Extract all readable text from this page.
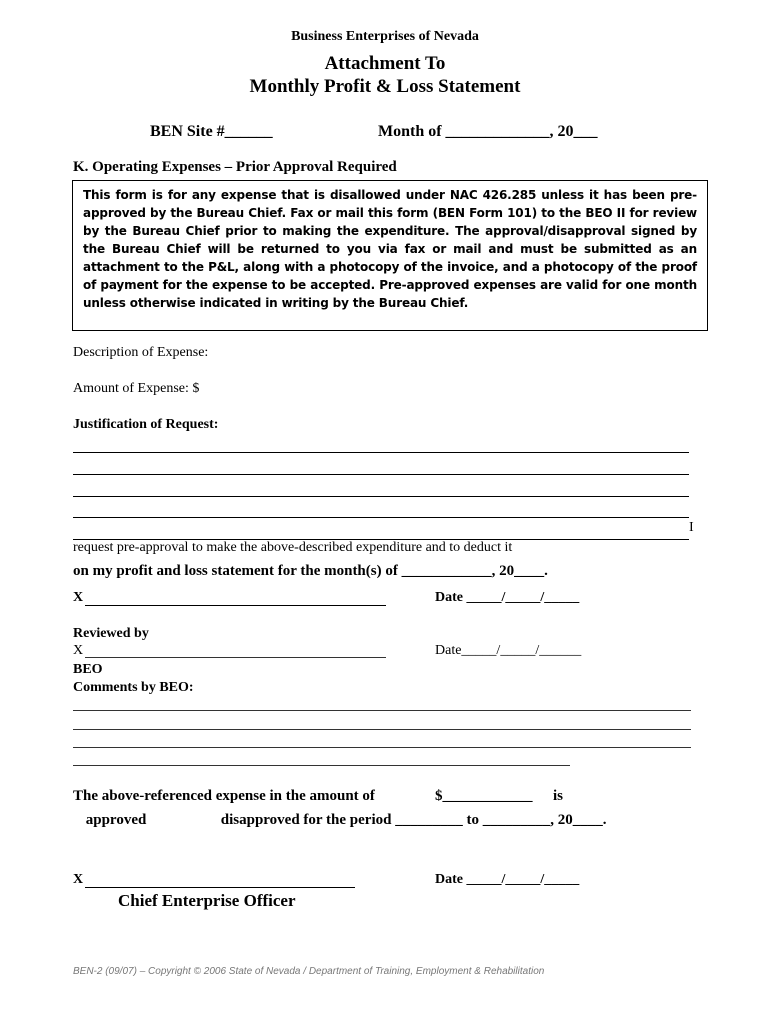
Business Enterprises of Nevada
Attachment To
Monthly Profit & Loss Statement
BEN Site #______	Month of _____________, 20___
K. Operating Expenses – Prior Approval Required

This form is for any expense that is disallowed under NAC 426.285 unless it has been pre-approved by the Bureau Chief. Fax or mail this form (BEN Form 101) to the BEO II for review by the Bureau Chief prior to making the expenditure. The approval/disapproval signed by the Bureau Chief will be returned to you via fax or mail and must be submitted as an attachment to the P&L, along with a photocopy of the invoice, and a photocopy of the proof of payment for the expense to be accepted. Pre-approved expenses are valid for one month unless otherwise indicated in writing by the Bureau Chief.

Description of Expense:
Amount of Expense: $
Justification of Request:
I
request pre-approval to make the above-described expenditure and to deduct it
on my profit and loss statement for the month(s) of ____________, 20____.
X	Date _____/_____/_____
Reviewed by
X	Date_____/_____/______
BEO
Comments by BEO:
The above-referenced expense in the amount of	$____________ is
approved	disapproved for the period _________ to _________, 20____.
X	Date _____/_____/_____
Chief Enterprise Officer
BEN-2 (09/07) – Copyright © 2006 State of Nevada / Department of Training, Employment & Rehabilitation
